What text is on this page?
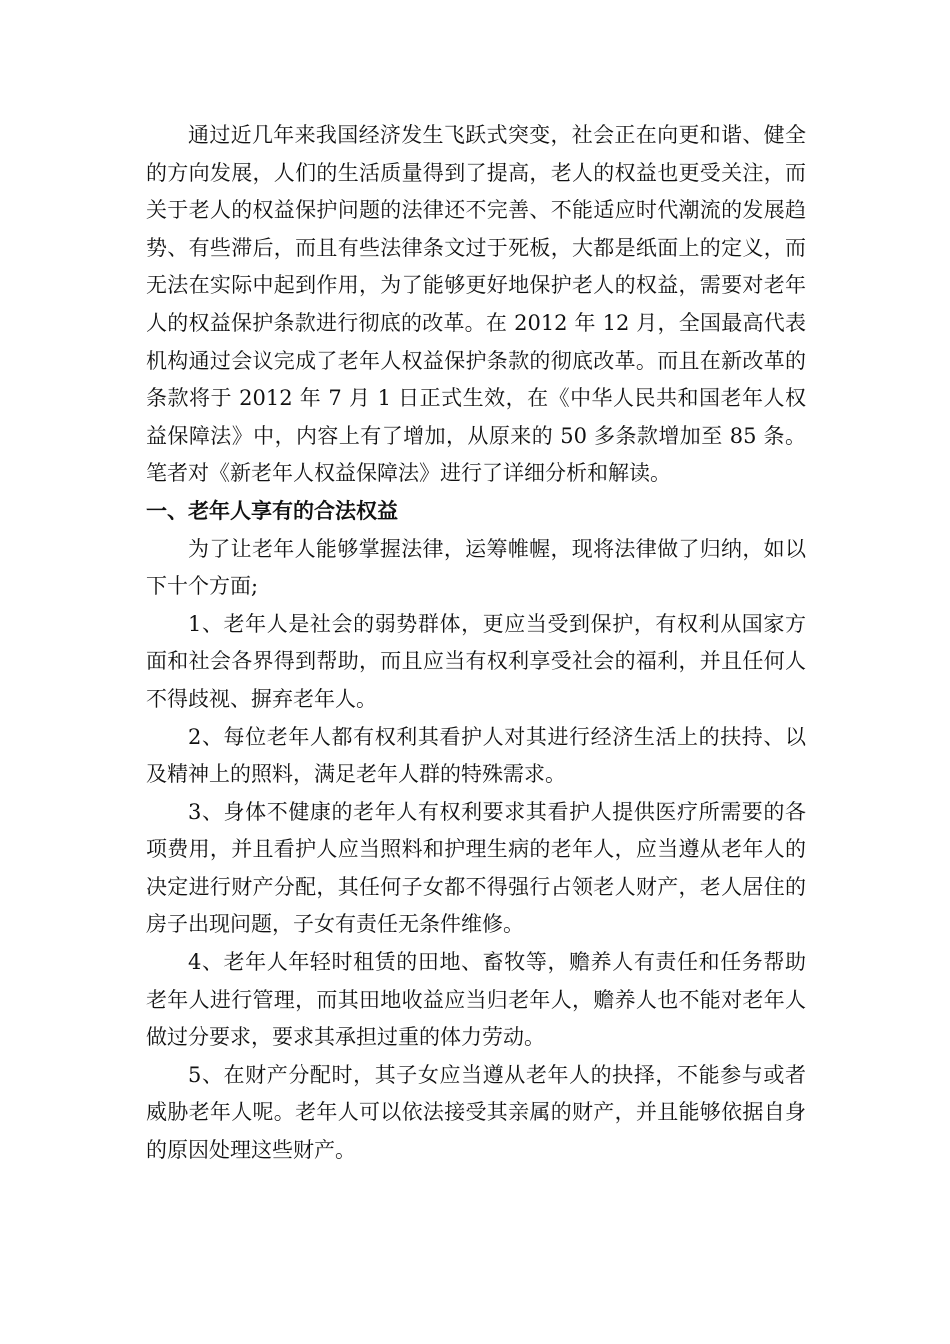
通过近几年来我国经济发生飞跃式突变，社会正在向更和谐、健全的方向发展，人们的生活质量得到了提高，老人的权益也更受关注，而关于老人的权益保护问题的法律还不完善、不能适应时代潮流的发展趋势、有些滞后，而且有些法律条文过于死板，大都是纸面上的定义，而无法在实际中起到作用，为了能够更好地保护老人的权益，需要对老年人的权益保护条款进行彻底的改革。在 2012 年 12 月，全国最高代表机构通过会议完成了老年人权益保护条款的彻底改革。而且在新改革的条款将于 2012 年 7 月 1 日正式生效，在《中华人民共和国老年人权益保障法》中，内容上有了增加，从原来的 50 多条款增加至 85 条。笔者对《新老年人权益保障法》进行了详细分析和解读。

一、老年人享有的合法权益

为了让老年人能够掌握法律，运筹帷幄，现将法律做了归纳，如以下十个方面;

1、老年人是社会的弱势群体，更应当受到保护，有权利从国家方面和社会各界得到帮助，而且应当有权利享受社会的福利，并且任何人不得歧视、摒弃老年人。

2、每位老年人都有权利其看护人对其进行经济生活上的扶持、以及精神上的照料，满足老年人群的特殊需求。

3、身体不健康的老年人有权利要求其看护人提供医疗所需要的各项费用，并且看护人应当照料和护理生病的老年人，应当遵从老年人的决定进行财产分配，其任何子女都不得强行占领老人财产，老人居住的房子出现问题，子女有责任无条件维修。

4、老年人年轻时租赁的田地、畜牧等，赡养人有责任和任务帮助老年人进行管理，而其田地收益应当归老年人，赡养人也不能对老年人做过分要求，要求其承担过重的体力劳动。

5、在财产分配时，其子女应当遵从老年人的抉择，不能参与或者威胁老年人呢。老年人可以依法接受其亲属的财产，并且能够依据自身的原因处理这些财产。
